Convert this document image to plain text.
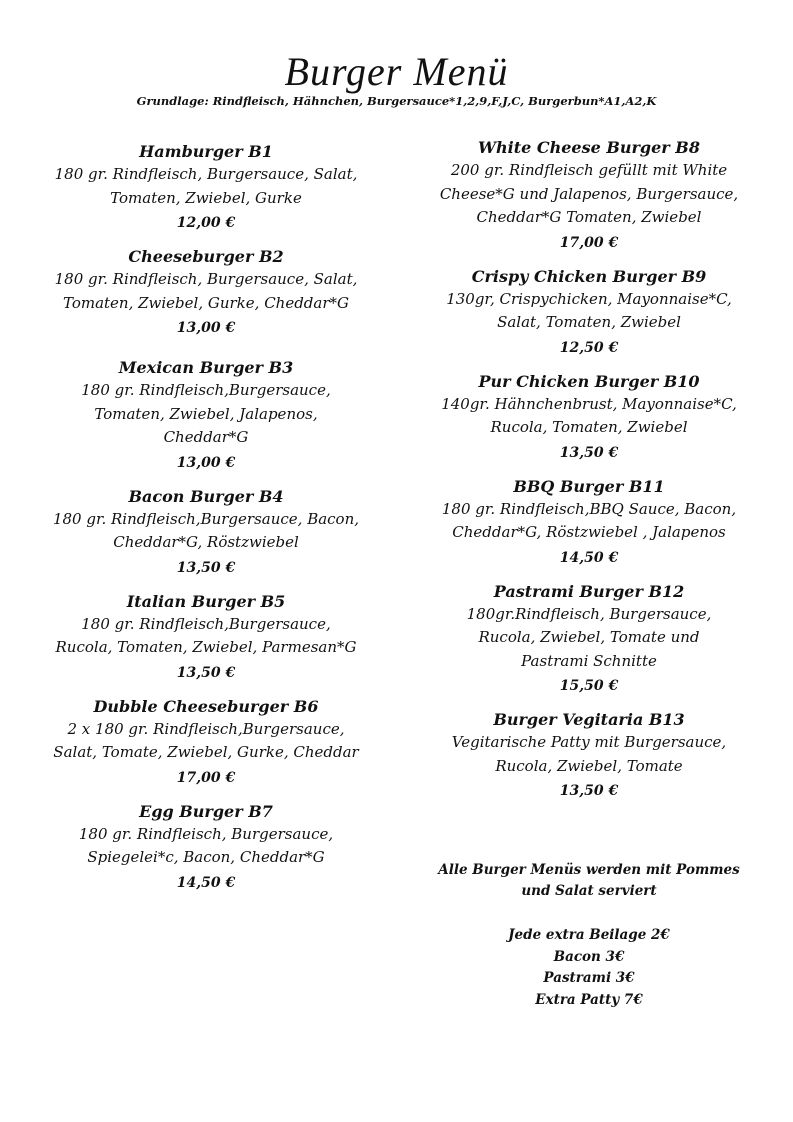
Burger Menü
Grundlage: Rindfleisch, Hähnchen, Burgersauce*1,2,9,F,J,C, Burgerbun*A1,A2,K
Hamburger B1
180 gr. Rindfleisch, Burgersauce, Salat,
Tomaten, Zwiebel, Gurke
12,00 €
Cheeseburger B2
180 gr. Rindfleisch, Burgersauce, Salat,
Tomaten, Zwiebel, Gurke, Cheddar*G
13,00 €
Mexican Burger B3
180 gr. Rindfleisch,Burgersauce,
Tomaten, Zwiebel, Jalapenos,
Cheddar*G
13,00 €
Bacon Burger B4
180 gr. Rindfleisch,Burgersauce, Bacon,
Cheddar*G, Röstzwiebel
13,50 €
Italian Burger B5
180 gr. Rindfleisch,Burgersauce,
Rucola, Tomaten, Zwiebel, Parmesan*G
13,50 €
Dubble Cheeseburger B6
2 x 180 gr. Rindfleisch,Burgersauce,
Salat, Tomate, Zwiebel, Gurke, Cheddar
17,00 €
Egg Burger B7
180 gr. Rindfleisch, Burgersauce,
Spiegelei*c, Bacon, Cheddar*G
14,50 €
White Cheese Burger B8
200 gr. Rindfleisch gefüllt mit White
Cheese*G und Jalapenos, Burgersauce,
Cheddar*G Tomaten, Zwiebel
17,00 €
Crispy Chicken Burger B9
130gr, Crispychicken, Mayonnaise*C,
Salat, Tomaten, Zwiebel
12,50 €
Pur Chicken Burger B10
140gr. Hähnchenbrust, Mayonnaise*C,
Rucola, Tomaten, Zwiebel
13,50 €
BBQ Burger B11
180 gr. Rindfleisch,BBQ Sauce, Bacon,
Cheddar*G, Röstzwiebel , Jalapenos
14,50 €
Pastrami Burger B12
180gr.Rindfleisch, Burgersauce,
Rucola, Zwiebel, Tomate und
Pastrami Schnitte
15,50 €
Burger Vegitaria B13
Vegitarische Patty mit Burgersauce,
Rucola, Zwiebel, Tomate
13,50 €
Alle Burger Menüs werden mit Pommes
und Salat serviert
Jede extra Beilage 2€
Bacon 3€
Pastrami 3€
Extra Patty 7€
